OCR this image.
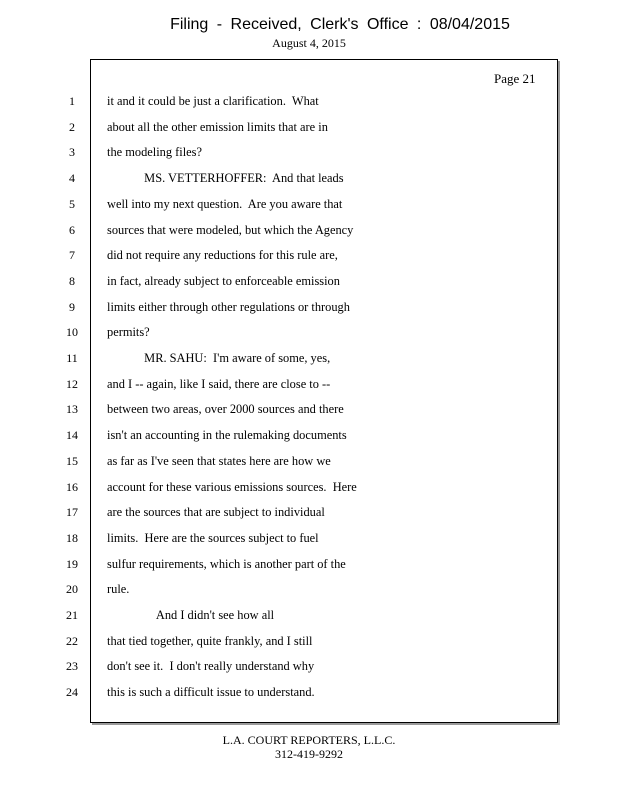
Filing - Received, Clerk's Office : 08/04/2015
August 4, 2015
Page 21
1	it and it could be just a clarification.  What
2	about all the other emission limits that are in
3	the modeling files?
4	MS. VETTERHOFFER:  And that leads
5	well into my next question.  Are you aware that
6	sources that were modeled, but which the Agency
7	did not require any reductions for this rule are,
8	in fact, already subject to enforceable emission
9	limits either through other regulations or through
10	permits?
11	MR. SAHU:  I'm aware of some, yes,
12	and I -- again, like I said, there are close to --
13	between two areas, over 2000 sources and there
14	isn't an accounting in the rulemaking documents
15	as far as I've seen that states here are how we
16	account for these various emissions sources.  Here
17	are the sources that are subject to individual
18	limits.  Here are the sources subject to fuel
19	sulfur requirements, which is another part of the
20	rule.
21	And I didn't see how all
22	that tied together, quite frankly, and I still
23	don't see it.  I don't really understand why
24	this is such a difficult issue to understand.
L.A. COURT REPORTERS, L.L.C.
312-419-9292
